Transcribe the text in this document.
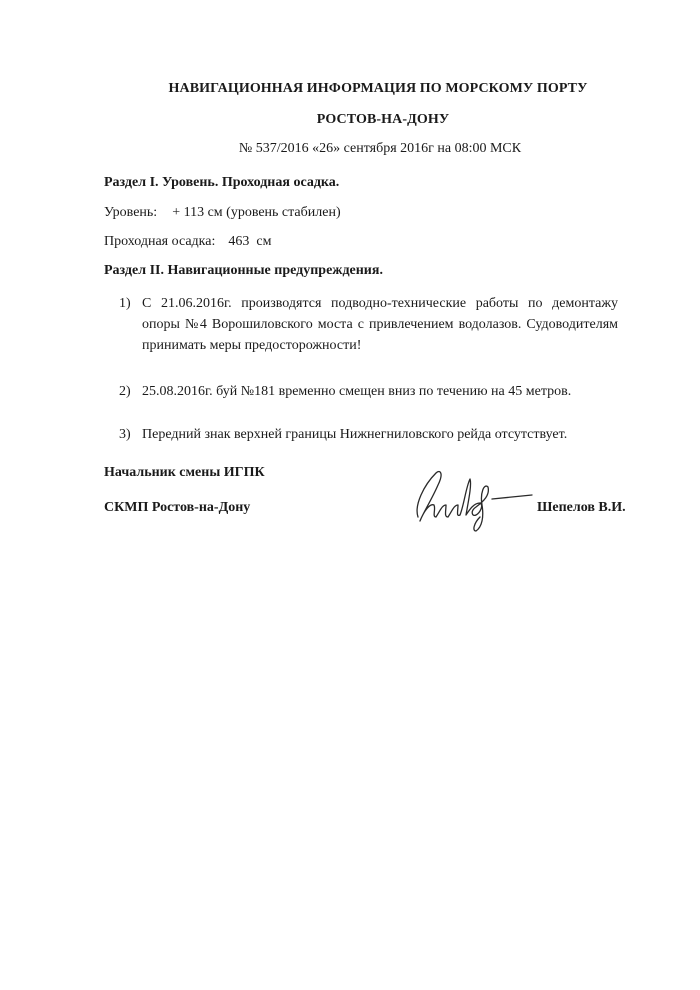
НАВИГАЦИОННАЯ ИНФОРМАЦИЯ ПО МОРСКОМУ ПОРТУ
РОСТОВ-НА-ДОНУ
№ 537/2016 «26» сентября 2016г на 08:00 МСК
Раздел I. Уровень. Проходная осадка.
Уровень: + 113 см (уровень стабилен)
Проходная осадка: 463  см
Раздел II. Навигационные предупреждения.
1) С 21.06.2016г. производятся подводно-технические работы по демонтажу опоры №4 Ворошиловского моста с привлечением водолазов. Судоводителям принимать меры предосторожности!
2) 25.08.2016г. буй №181 временно смещен вниз по течению на 45 метров.
3) Передний знак верхней границы Нижнегниловского рейда отсутствует.
Начальник смены ИГПК
СКМП Ростов-на-Дону	Шепелов В.И.
